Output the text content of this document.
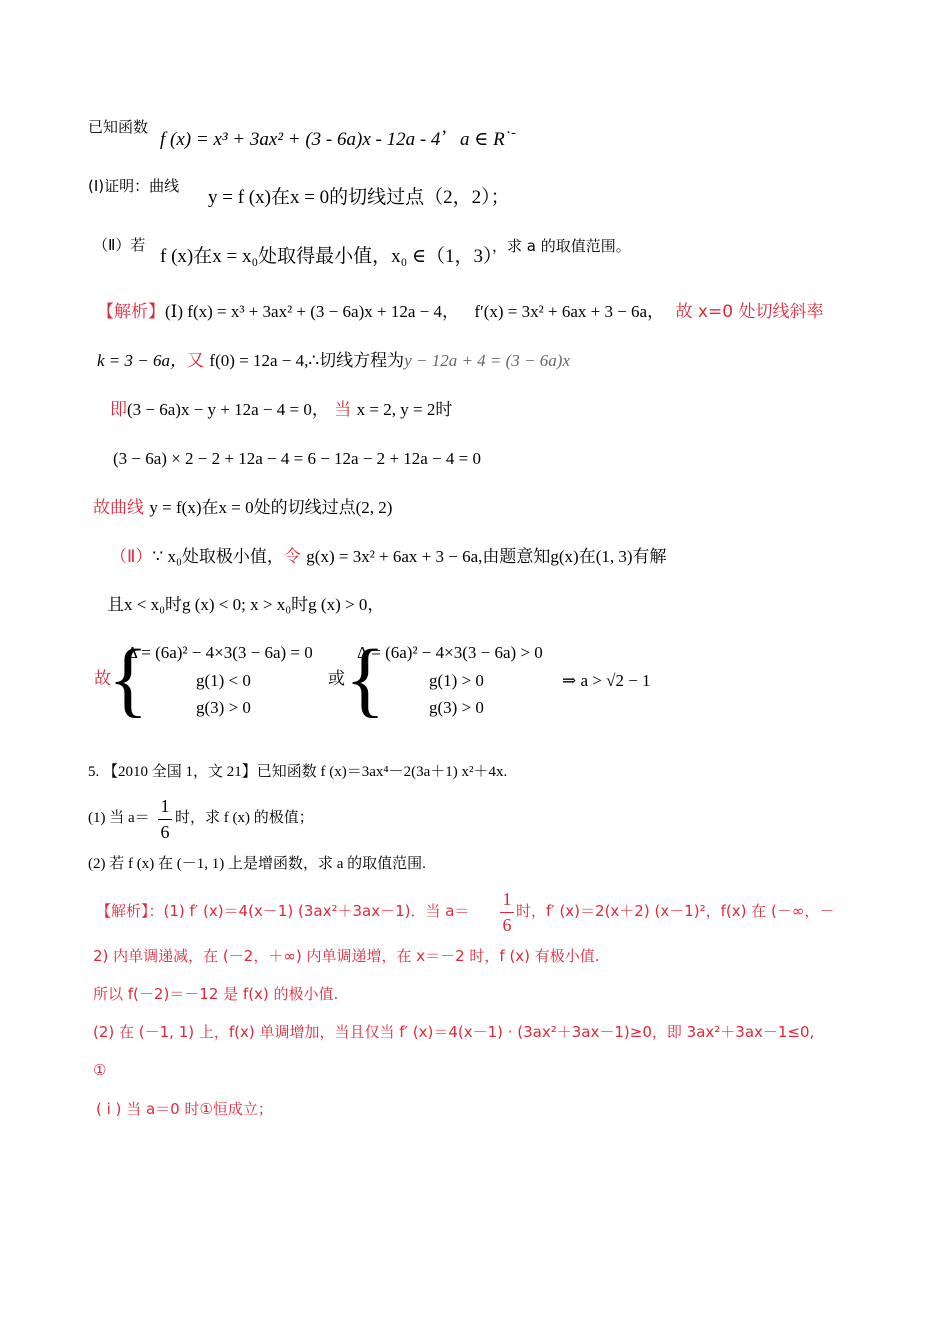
已知函数
f (x) = x³ + 3ax² + (3 - 6a)x - 12a - 4 ’ a ∈ R ·-
(Ⅰ)证明：曲线
y = f (x)在x = 0的切线过点（2，2）；
（Ⅱ）若
f (x)在x = x₀处取得最小值，x₀ ∈（1，3）
，求 a 的取值范围。
【解析】(Ⅰ) f(x) = x³ + 3ax² + (3 − 6a)x + 12a − 4， f′(x) = 3x² + 6ax + 3 − 6a， 故 x=0 处切线斜率
k = 3 − 6a，又 f(0) = 12a − 4,∴切线方程为y − 12a + 4 = (3 − 6a)x
即(3 − 6a)x − y + 12a − 4 = 0， 当 x = 2, y = 2时
(3 − 6a) × 2 − 2 + 12a − 4 = 6 − 12a − 2 + 12a − 4 = 0
故曲线 y = f(x)在x = 0处的切线过点(2, 2)
（Ⅱ）∵ x₀处取极小值，令 g(x) = 3x² + 6ax + 3 − 6a,由题意知g(x)在(1, 3)有解
且x < x₀时g (x) < 0; x > x₀时g (x) > 0，
故
{
Δ = (6a)² − 4×3(3 − 6a) = 0
g(1) < 0
g(3) > 0
或 {
Δ = (6a)² − 4×3(3 − 6a) > 0
g(1) > 0
g(3) > 0
⇒ a > √2 − 1
5. 【2010 全国 1，文 21】已知函数 f (x)＝3ax⁴－2(3a＋1) x²＋4x.
(1) 当 a＝
1
6
时，求 f (x) 的极值；
(2) 若 f (x) 在 (－1, 1) 上是增函数，求 a 的取值范围.
【解析】：(1) f′ (x)＝4(x－1) (3ax²＋3ax－1)．当 a＝
1
6
时，f′ (x)＝2(x＋2) (x－1)²，f(x) 在 (－∞，－
2) 内单调递减，在 (－2，＋∞) 内单调递增，在 x＝－2 时，f (x) 有极小值.
所以 f(－2)＝－12 是 f(x) 的极小值.
(2) 在 (－1, 1) 上，f(x) 单调增加，当且仅当 f′ (x)＝4(x－1) · (3ax²＋3ax－1)≥0，即 3ax²＋3ax－1≤0,
①
( i ) 当 a＝0 时①恒成立；
